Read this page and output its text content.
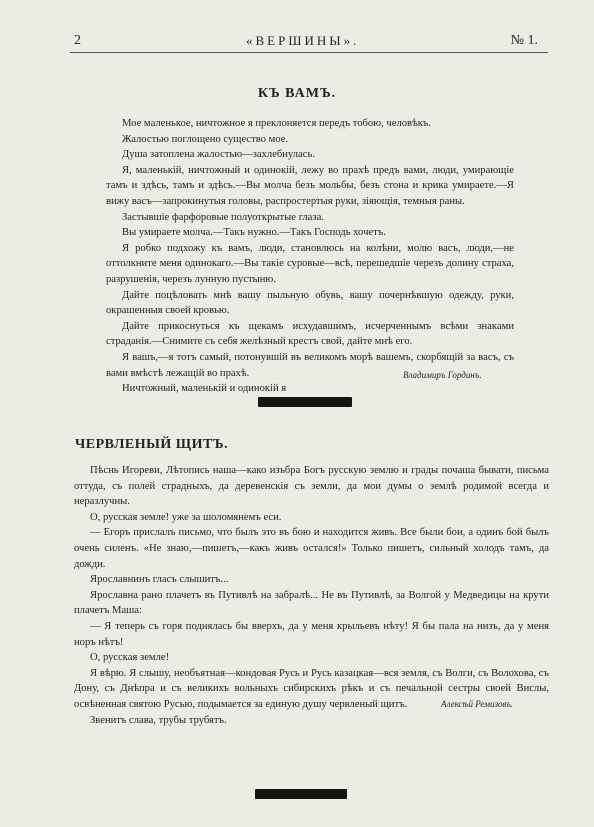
2	«ВЕРШИНЫ».	№ 1.
КЪ ВАМЪ.

Мое маленькое, ничтожное я преклоняется передъ тобою, человѣкъ.

Жалостью поглощено существо мое.

Душа затоплена жалостью—захлебнулась.

Я, маленькій, ничтожный и одинокій, лежу во прахѣ предъ вами, люди, умирающіе тамъ и здѣсь, тамъ и здѣсь.—Вы молча безъ мольбы, безъ стона и крика умираете.—Я вижу васъ—запрокинутыя головы, распростертыя руки, зіяющія, темныя раны.

Застывшіе фарфоровые полуоткрытые глаза.

Вы умираете молча.—Такъ нужно.—Такъ Господь хочетъ.

Я робко подхожу къ вамъ, люди, становлюсь на колѣни, молю васъ, люди,—не оттолкните меня одинокаго.—Вы такіе суровые—всѣ, перешедшіе черезъ долину страха, разрушенія, черезъ лунную пустыню.

Дайте поцѣловать мнѣ вашу пыльную обувь, вашу почернѣвшую одежду, руки, окрашенныя своей кровью.

Дайте прикоснуться къ щекамъ исхудавшимъ, исчерченнымъ всѣми знаками страданія.—Снимите съ себя желѣзный крестъ свой, дайте мнѣ его.

Я вашъ,—я тотъ самый, потонувшій въ великомъ морѣ вашемъ, скорбящій за васъ, съ вами вмѣстѣ лежащій во прахѣ.

Ничтожный, маленькій и одинокій я

Владимиръ Гординъ.
ЧЕРВЛЕНЫЙ ЩИТЪ.

Пѣснь Игореви, Лѣтопись наша—како изъбра Богъ русскую землю и грады почаша бывати, письма оттуда, съ полей страдныхъ, да деревенскія съ земли, да мои думы о землѣ родимой всегда и неразлучны.

О, русская земле! уже за шоломянемъ еси.

— Егоръ прислалъ письмо, что былъ это въ бою и находится живъ. Все были бои, а одинъ бой былъ очень силенъ. «Не знаю,—пишетъ,—какъ живъ остался!» Только пишетъ, сильный холодъ тамъ, да дожди.

Ярославнинъ гласъ слышитъ...

Ярославна рано плачетъ въ Путивлѣ на забралѣ... Не въ Путивлѣ, за Волгой у Медведицы на крути плачетъ Маша:

— Я теперь съ горя поднялась бы вверхъ, да у меня крыльевъ нѣту! Я бы пала на низъ, да у меня норъ нѣтъ!

О, русская земле!

Я вѣрю. Я слышу, необъятная—кондовая Русь и Русь казацкая—вся земля, съ Волги, съ Волохова, съ Дону, съ Днѣпра и съ великихъ вольныхъ сибирскихъ рѣкъ и съ печальной сестры своей Вислы, освѣненная святою Русью, подымается за единую душу червленый щитъ.

Звенитъ слава, трубы трубятъ.

Алексѣй Ремизовъ.
